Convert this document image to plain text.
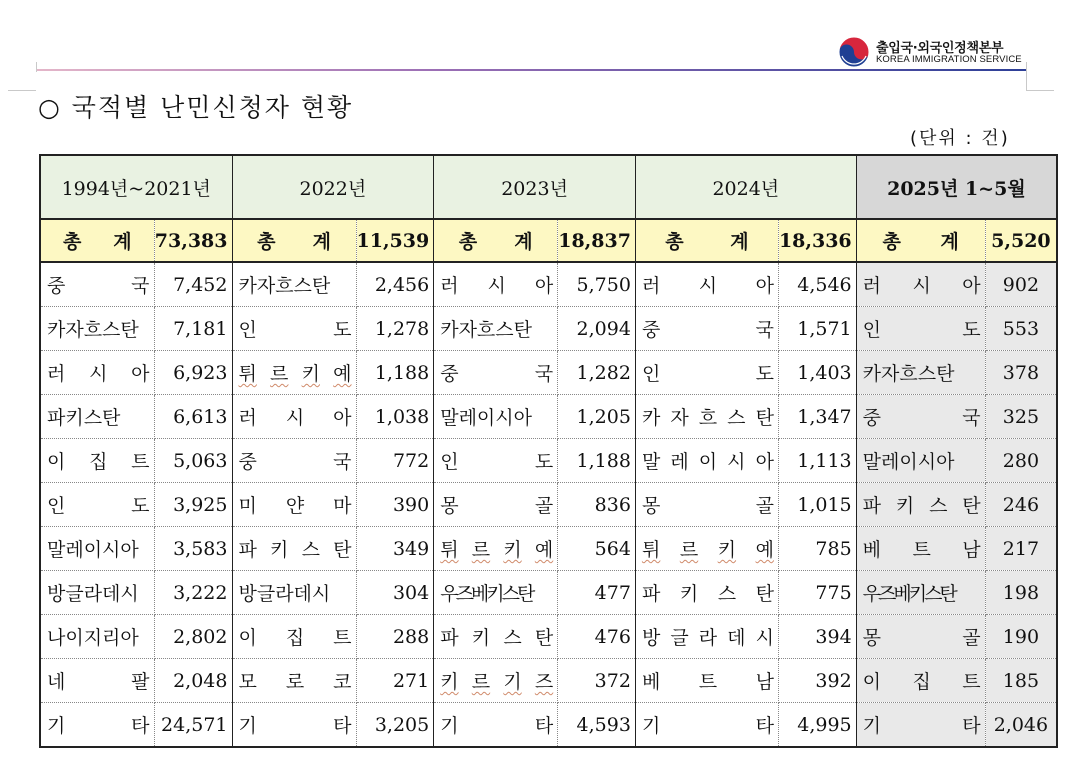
출입국·외국인정책본부
KOREA IMMIGRATION SERVICE
○ 국적별 난민신청자 현황
(단위 : 건)
1994년~2021년		2022년		2023년		2024년		2025년 1~5월	

총 계	73,383	총 계	11,539	총 계	18,837	총 계	18,336	총 계	5,520

중 국	7,452	카자흐스탄	2,456	러 시 아	5,750	러 시 아	4,546	러 시 아	902

카자흐스탄	7,181	인 도	1,278	카자흐스탄	2,094	중 국	1,571	인 도	553

러 시 아	6,923	튀 르 키 예	1,188	중 국	1,282	인 도	1,403	카자흐스탄	378

파키스탄	6,613	러 시 아	1,038	말레이시아	1,205	카 자 흐 스 탄	1,347	중 국	325

이 집 트	5,063	중 국	772	인 도	1,188	말 레 이 시 아	1,113	말레이시아	280

인 도	3,925	미 얀 마	390	몽 골	836	몽 골	1,015	파 키 스 탄	246

말레이시아	3,583	파 키 스 탄	349	튀 르 키 예	564	튀 르 키 예	785	베 트 남	217

방글라데시	3,222	방글라데시	304	우즈베키스탄	477	파 키 스 탄	775	우즈베키스탄	198

나이지리아	2,802	이 집 트	288	파 키 스 탄	476	방 글 라 데 시	394	몽 골	190

네 팔	2,048	모 로 코	271	키 르 기 즈	372	베 트 남	392	이 집 트	185

기 타	24,571	기 타	3,205	기 타	4,593	기 타	4,995	기 타	2,046
